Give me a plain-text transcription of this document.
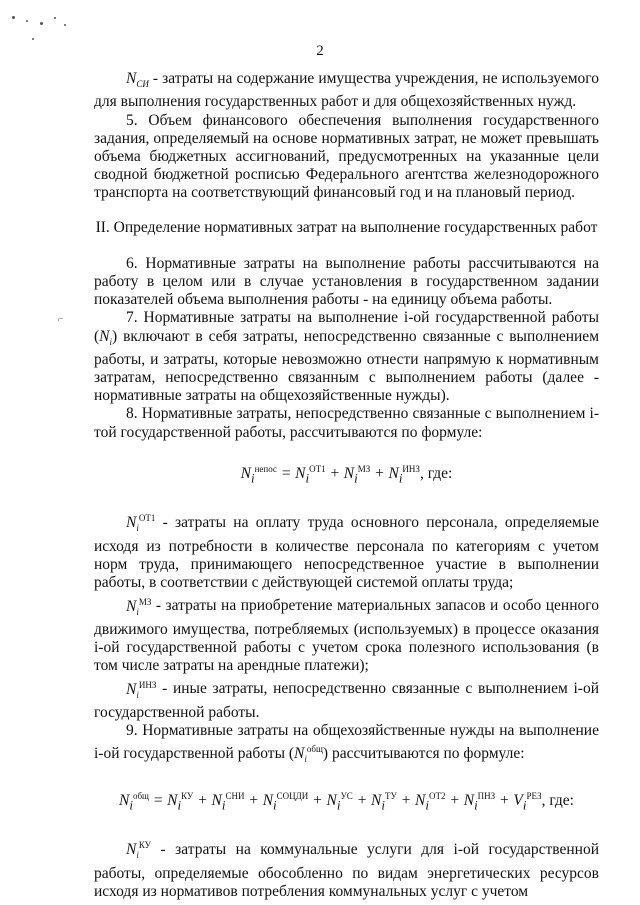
2
⌐

$N_{СИ}$ - затраты на содержание имущества учреждения, не используемого для выполнения государственных работ и для общехозяйственных нужд.

5. Объем финансового обеспечения выполнения государственного задания, определяемый на основе нормативных затрат, не может превышать объема бюджетных ассигнований, предусмотренных на указанные цели сводной бюджетной росписью Федерального агентства железнодорожного транспорта на соответствующий финансовый год и на плановый период.

II. Определение нормативных затрат на выполнение государственных работ

6. Нормативные затраты на выполнение работы рассчитываются на работу в целом или в случае установления в государственном задании показателей объема выполнения работы - на единицу объема работы.

7. Нормативные затраты на выполнение i-ой государственной работы $(N_i)$ включают в себя затраты, непосредственно связанные с выполнением работы, и затраты, которые невозможно отнести напрямую к нормативным затратам, непосредственно связанным с выполнением работы (далее - нормативные затраты на общехозяйственные нужды).

8. Нормативные затраты, непосредственно связанные с выполнением i-той государственной работы, рассчитываются по формуле:

$N_i^{непос} = N_i^{ОТ1} + N_i^{МЗ} + N_i^{ИНЗ}$, где:

$N_i^{ОТ1}$ - затраты на оплату труда основного персонала, определяемые исходя из потребности в количестве персонала по категориям с учетом норм труда, принимающего непосредственное участие в выполнении работы, в соответствии с действующей системой оплаты труда;

$N_i^{МЗ}$ - затраты на приобретение материальных запасов и особо ценного движимого имущества, потребляемых (используемых) в процессе оказания i-ой государственной работы с учетом срока полезного использования (в том числе затраты на арендные платежи);

$N_i^{ИНЗ}$ - иные затраты, непосредственно связанные с выполнением i-ой государственной работы.

9. Нормативные затраты на общехозяйственные нужды на выполнение i-ой государственной работы $(N_i^{общ})$ рассчитываются по формуле:

$N_i^{общ} = N_i^{КУ} + N_i^{СНИ} + N_i^{СОЦДИ} + N_i^{УС} + N_i^{ТУ} + N_i^{ОТ2} + N_i^{ПНЗ} + V_i^{РЕЗ}$, где:

$N_i^{КУ}$ - затраты на коммунальные услуги для i-ой государственной работы, определяемые обособленно по видам энергетических ресурсов исходя из нормативов потребления коммунальных услуг с учетом
